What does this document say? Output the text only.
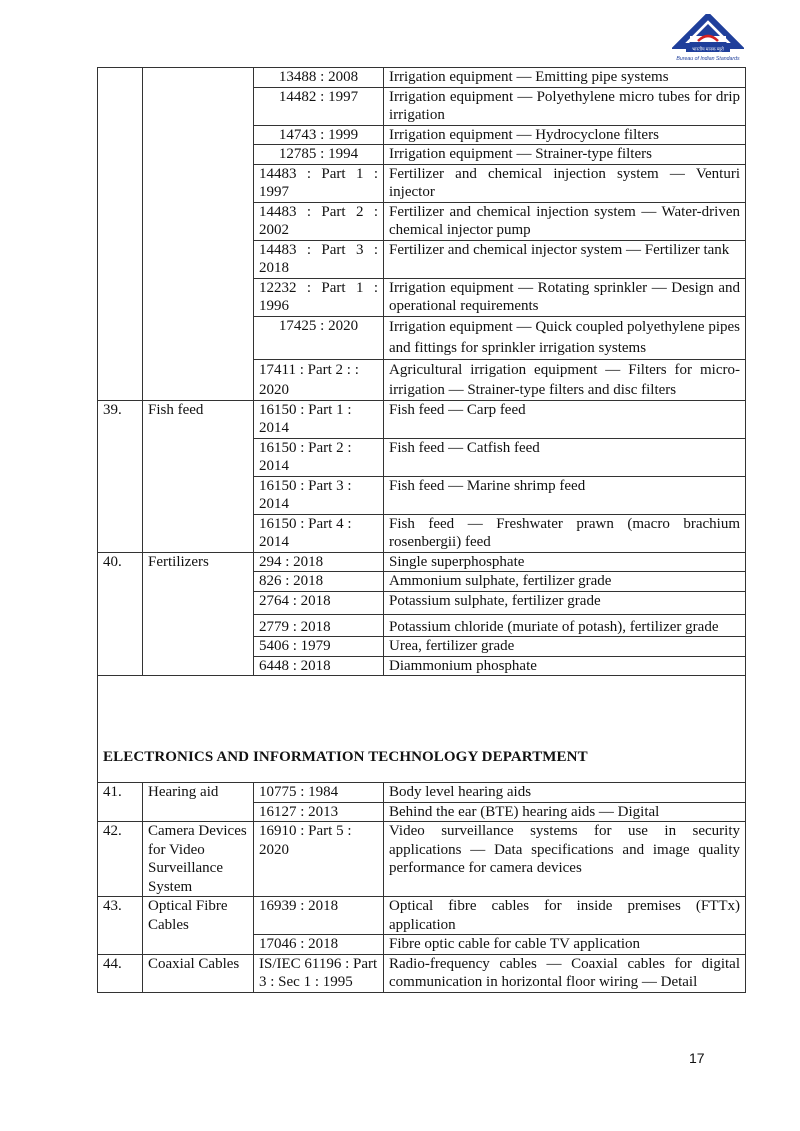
भारतीय मानक ब्यूरो
Bureau of Indian Standards
		13488 : 2008	Irrigation equipment — Emitting pipe systems
		14482 : 1997	Irrigation equipment — Polyethylene micro tubes for drip irrigation
		14743 : 1999	Irrigation equipment — Hydrocyclone filters
		12785 : 1994	Irrigation equipment — Strainer-type filters
		14483 : Part 1 : 1997	Fertilizer and chemical injection system — Venturi injector
		14483 : Part 2 : 2002	Fertilizer and chemical injection system — Water-driven chemical injector pump
		14483 : Part 3 : 2018	Fertilizer and chemical injector system — Fertilizer tank
		12232 : Part 1 : 1996	Irrigation equipment — Rotating sprinkler — Design and operational requirements
		17425 : 2020	Irrigation equipment — Quick coupled polyethylene pipes and fittings for sprinkler irrigation systems
		17411 : Part 2 : : 2020	Agricultural irrigation equipment — Filters for micro-irrigation — Strainer-type filters and disc filters
39.	Fish feed	16150 : Part 1 : 2014	Fish feed — Carp feed
		16150 : Part 2 : 2014	Fish feed — Catfish feed
		16150 : Part 3 : 2014	Fish feed — Marine shrimp feed
		16150 : Part 4 : 2014	Fish feed — Freshwater prawn (macro brachium rosenbergii) feed
40.	Fertilizers	294 : 2018	Single superphosphate
		826 : 2018	Ammonium sulphate, fertilizer grade
		2764 : 2018	Potassium sulphate, fertilizer grade
		2779 : 2018	Potassium chloride (muriate of potash), fertilizer grade
		5406 : 1979	Urea, fertilizer grade
		6448 : 2018	Diammonium phosphate
ELECTRONICS AND INFORMATION TECHNOLOGY DEPARTMENT			
41.	Hearing aid	10775 : 1984	Body level hearing aids
		16127 : 2013	Behind the ear (BTE) hearing aids — Digital
42.	Camera Devices for Video Surveillance System	16910 : Part 5 : 2020	Video surveillance systems for use in security applications — Data specifications and image quality performance for camera devices
43.	Optical Fibre Cables	16939 : 2018	Optical fibre cables for inside premises (FTTx) application
		17046 : 2018	Fibre optic cable for cable TV application
44.	Coaxial Cables	IS/IEC 61196 : Part 3 : Sec 1 : 1995	Radio-frequency cables — Coaxial cables for digital communication in horizontal floor wiring — Detail
17
